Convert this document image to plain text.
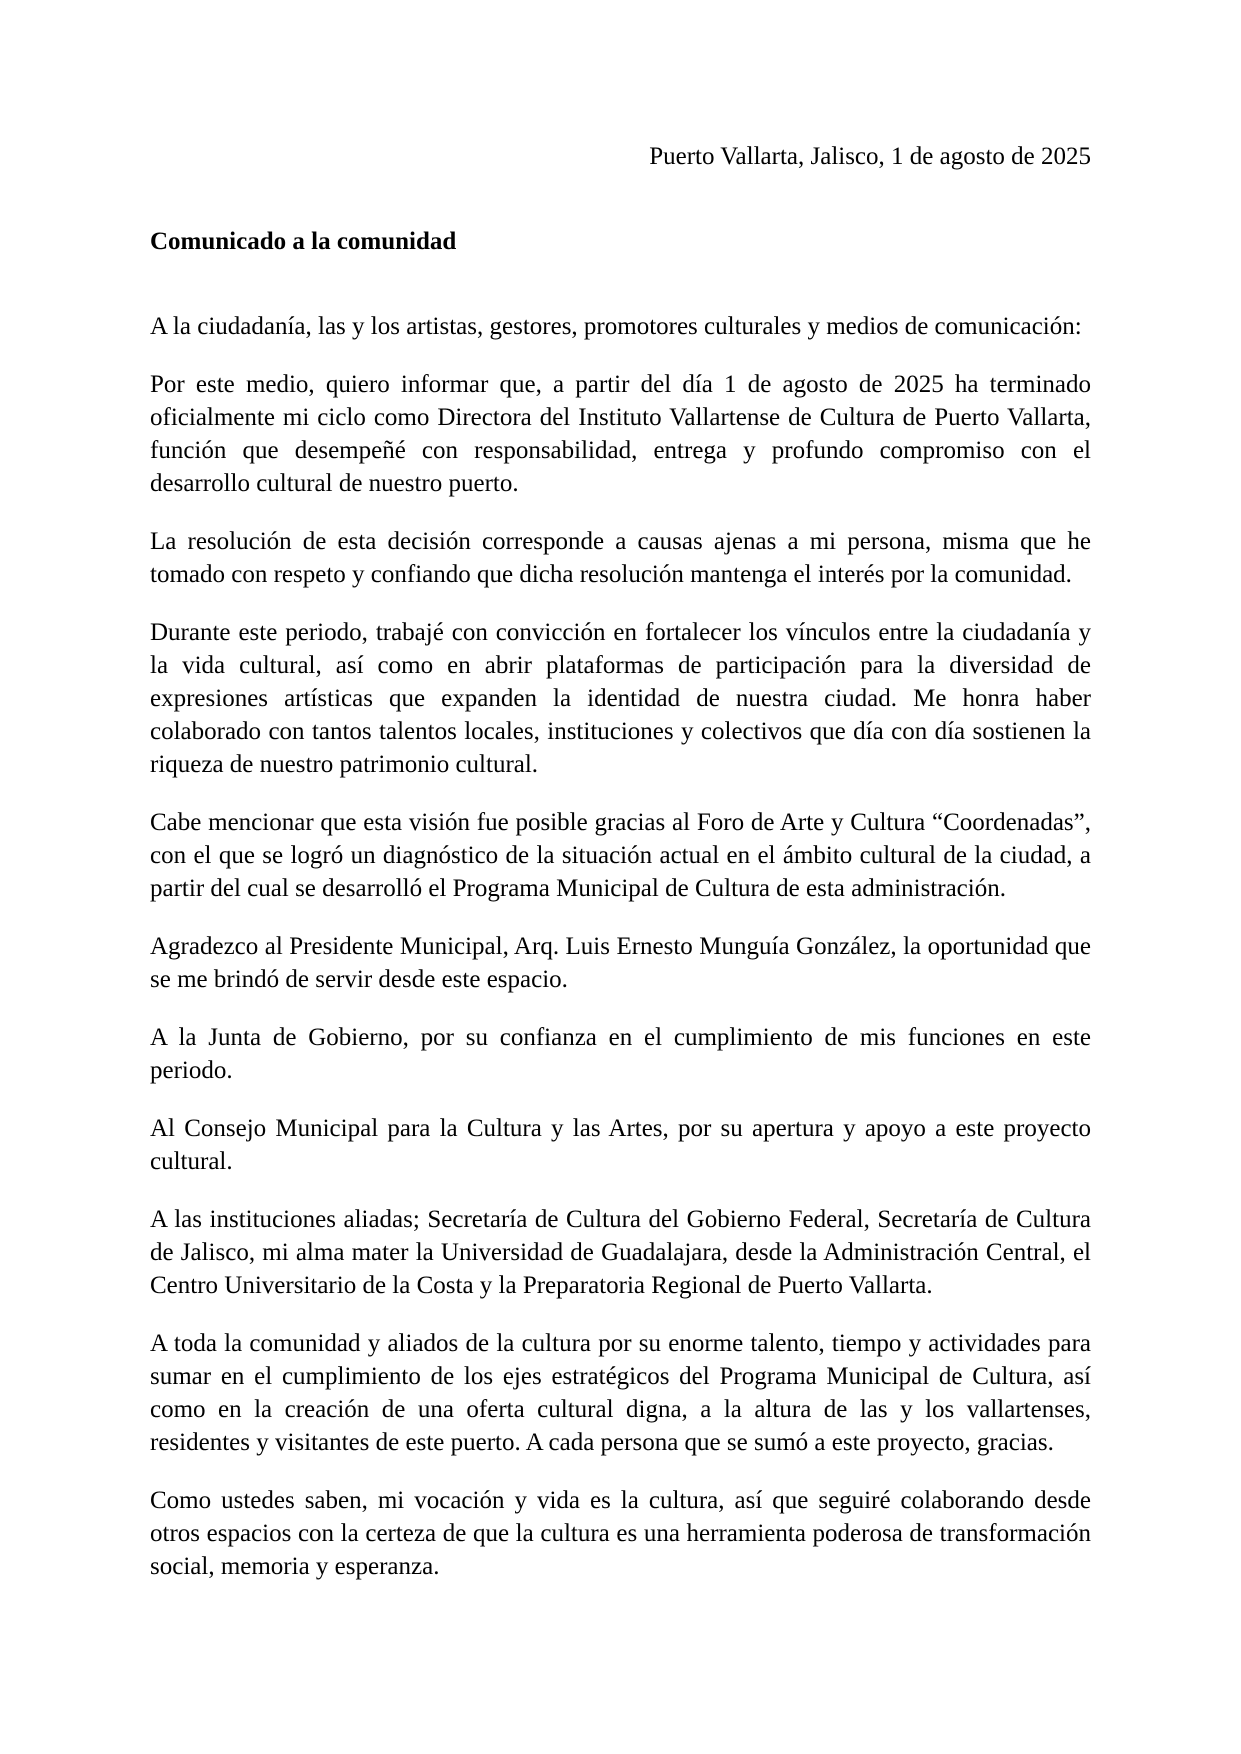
Puerto Vallarta, Jalisco, 1 de agosto de 2025

Comunicado a la comunidad

A la ciudadanía, las y los artistas, gestores, promotores culturales y medios de comunicación:

Por este medio, quiero informar que, a partir del día 1 de agosto de 2025 ha terminado oficialmente mi ciclo como Directora del Instituto Vallartense de Cultura de Puerto Vallarta, función que desempeñé con responsabilidad, entrega y profundo compromiso con el desarrollo cultural de nuestro puerto.

La resolución de esta decisión corresponde a causas ajenas a mi persona, misma que he tomado con respeto y confiando que dicha resolución mantenga el interés por la comunidad.

Durante este periodo, trabajé con convicción en fortalecer los vínculos entre la ciudadanía y la vida cultural, así como en abrir plataformas de participación para la diversidad de expresiones artísticas que expanden la identidad de nuestra ciudad. Me honra haber colaborado con tantos talentos locales, instituciones y colectivos que día con día sostienen la riqueza de nuestro patrimonio cultural.

Cabe mencionar que esta visión fue posible gracias al Foro de Arte y Cultura “Coordenadas”, con el que se logró un diagnóstico de la situación actual en el ámbito cultural de la ciudad, a partir del cual se desarrolló el Programa Municipal de Cultura de esta administración.

Agradezco al Presidente Municipal, Arq. Luis Ernesto Munguía González, la oportunidad que se me brindó de servir desde este espacio.

A la Junta de Gobierno, por su confianza en el cumplimiento de mis funciones en este periodo.

Al Consejo Municipal para la Cultura y las Artes, por su apertura y apoyo a este proyecto cultural.

A las instituciones aliadas; Secretaría de Cultura del Gobierno Federal, Secretaría de Cultura de Jalisco, mi alma mater la Universidad de Guadalajara, desde la Administración Central, el Centro Universitario de la Costa y la Preparatoria Regional de Puerto Vallarta.

A toda la comunidad y aliados de la cultura por su enorme talento, tiempo y actividades para sumar en el cumplimiento de los ejes estratégicos del Programa Municipal de Cultura, así como en la creación de una oferta cultural digna, a la altura de las y los vallartenses, residentes y visitantes de este puerto. A cada persona que se sumó a este proyecto, gracias.

Como ustedes saben, mi vocación y vida es la cultura, así que seguiré colaborando desde otros espacios con la certeza de que la cultura es una herramienta poderosa de transformación social, memoria y esperanza.
